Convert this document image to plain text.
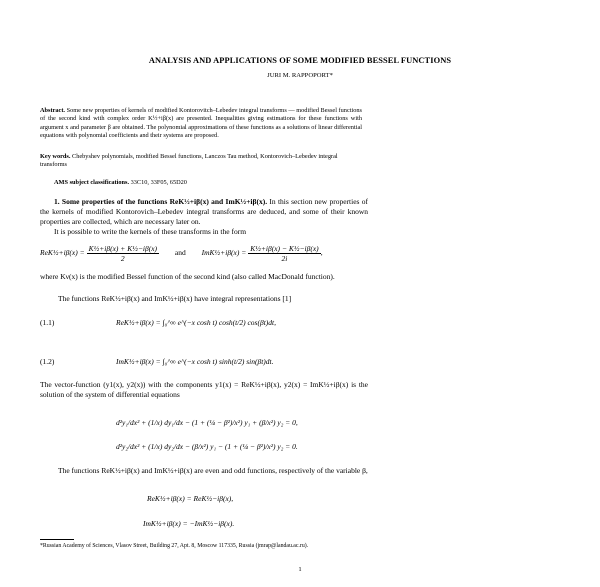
ANALYSIS AND APPLICATIONS OF SOME MODIFIED BESSEL FUNCTIONS
JURI M. RAPPOPORT*
Abstract. Some new properties of kernels of modified Kontorovitch–Lebedev integral transforms — modified Bessel functions of the second kind with complex order K½+iβ(x) are presented. Inequalities giving estimations for these functions with argument x and parameter β are obtained. The polynomial approximations of these functions as a solutions of linear differential equations with polynomial coefficients and their systems are proposed.
Key words. Chebyshev polynomials, modified Bessel functions, Lanczos Tau method, Kontorovich–Lebedev integral transforms
AMS subject classifications. 33C10, 33F05, 65D20
1. Some properties of the functions ReK½+iβ(x) and ImK½+iβ(x). In this section new properties of the kernels of modified Kontorovich–Lebedev integral transforms are deduced, and some of their known properties are collected, which are necessary later on.
It is possible to write the kernels of these transforms in the form
ReK½+iβ(x) = $\frac{\text{K½+iβ(x) + K½−iβ(x)}}{2}$ and ImK½+iβ(x) = $\frac{\text{K½+iβ(x) − K½−iβ(x)}}{2i}$ ,
where Kν(x) is the modified Bessel function of the second kind (also called MacDonald function).
The functions ReK½+iβ(x) and ImK½+iβ(x) have integral representations [1]
(1.1)	ReK½+iβ(x) = ∫₀^∞ e^(−x cosh t) cosh(t/2) cos(βt)dt,
(1.2)	ImK½+iβ(x) = ∫₀^∞ e^(−x cosh t) sinh(t/2) sin(βt)dt.
The vector-function (y1(x), y2(x)) with the components y1(x) = ReK½+iβ(x), y2(x) = ImK½+iβ(x) is the solution of the system of differential equations
d²y₁/dx² + (1/x) dy₁/dx − (1 + (¼ − β²)/x²) y₁ + (β/x²) y₂ = 0,
d²y₂/dx² + (1/x) dy₂/dx − (β/x²) y₁ − (1 + (¼ − β²)/x²) y₂ = 0.
The functions ReK½+iβ(x) and ImK½+iβ(x) are even and odd functions, respectively of the variable β,
ReK½+iβ(x) = ReK½−iβ(x),
ImK½+iβ(x) = −ImK½−iβ(x).
*Russian Academy of Sciences, Vlasov Street, Building 27, Apt. 8, Moscow 117335, Russia (jmrap@landau.ac.ru).
1
